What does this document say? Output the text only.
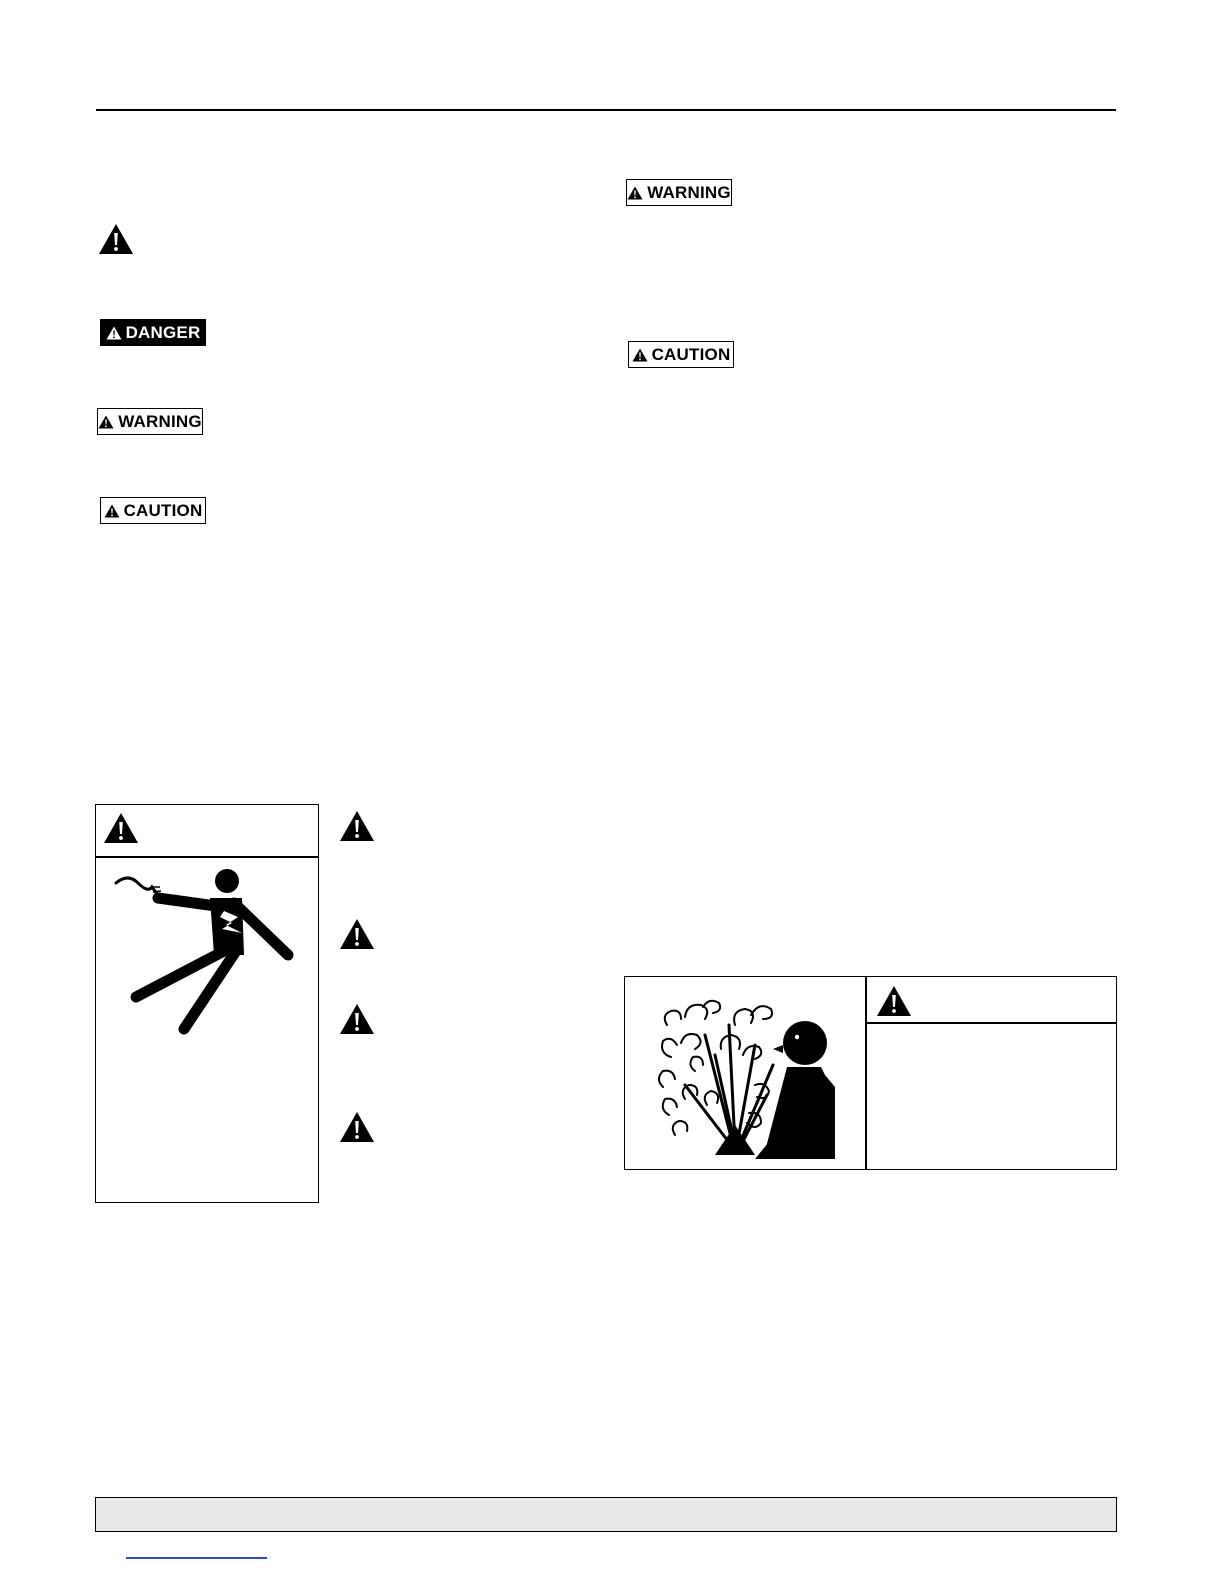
DANGER
WARNING
CAUTION
WARNING
CAUTION
